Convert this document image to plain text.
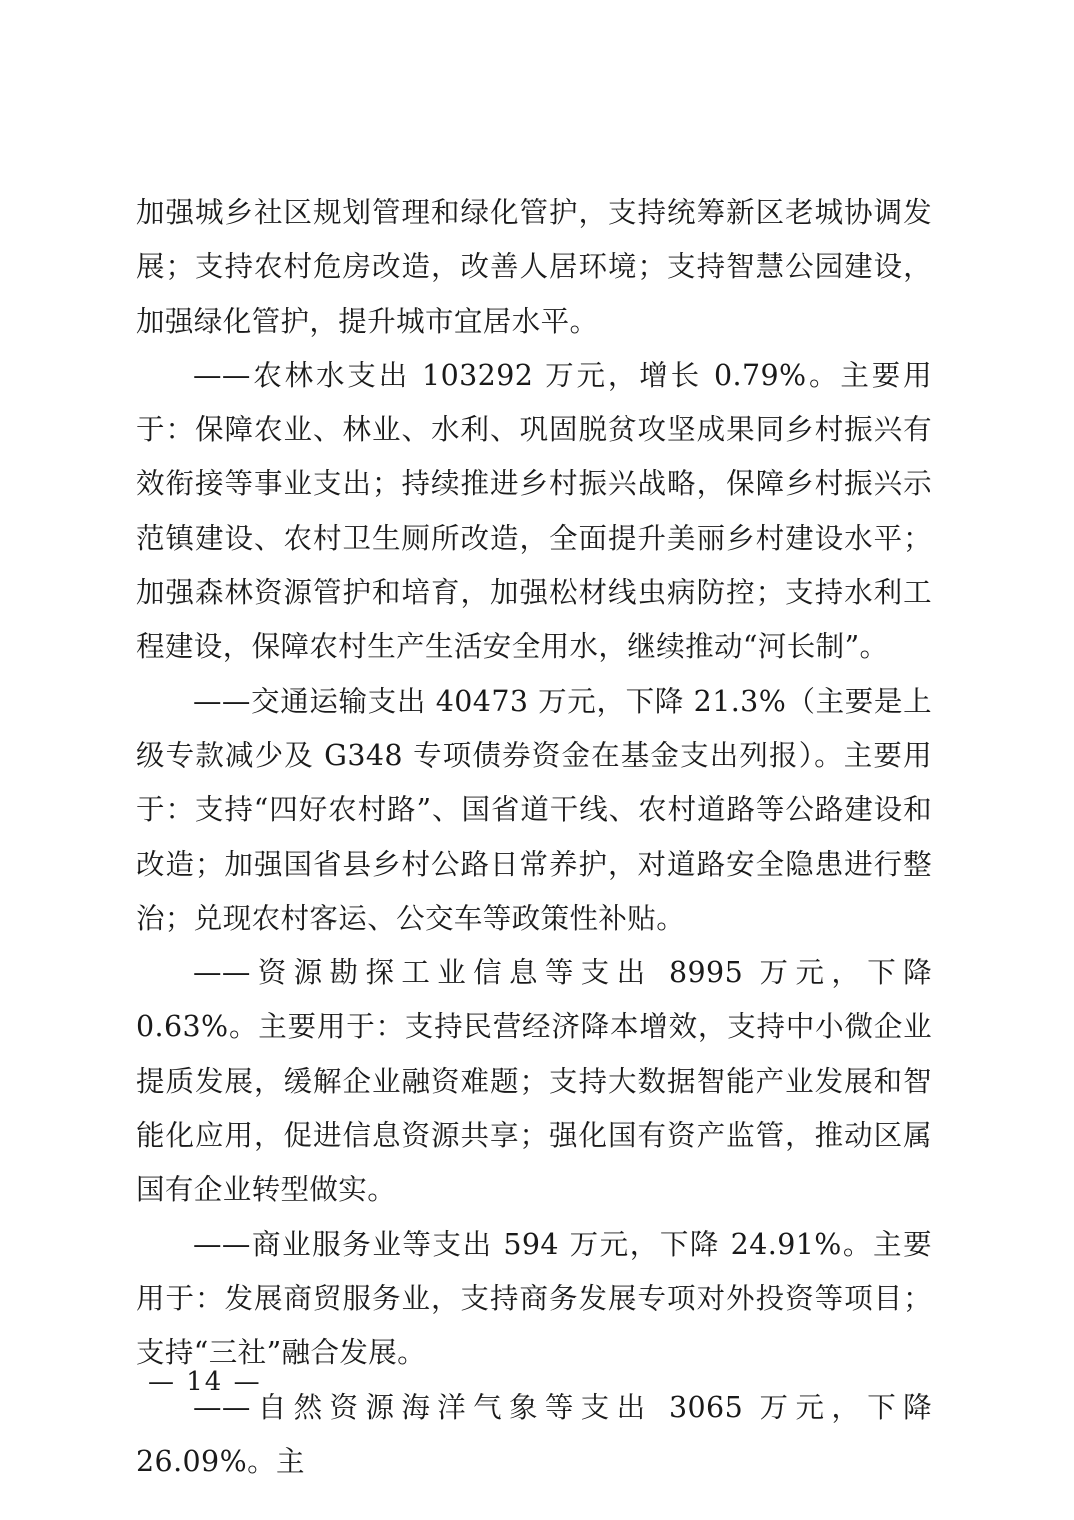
加强城乡社区规划管理和绿化管护，支持统筹新区老城协调发展；支持农村危房改造，改善人居环境；支持智慧公园建设，加强绿化管护，提升城市宜居水平。

——农林水支出 103292 万元，增长 0.79%。主要用于：保障农业、林业、水利、巩固脱贫攻坚成果同乡村振兴有效衔接等事业支出；持续推进乡村振兴战略，保障乡村振兴示范镇建设、农村卫生厕所改造，全面提升美丽乡村建设水平；加强森林资源管护和培育，加强松材线虫病防控；支持水利工程建设，保障农村生产生活安全用水，继续推动“河长制”。

——交通运输支出 40473 万元，下降 21.3%（主要是上级专款减少及 G348 专项债券资金在基金支出列报）。主要用于：支持“四好农村路”、国省道干线、农村道路等公路建设和改造；加强国省县乡村公路日常养护，对道路安全隐患进行整治；兑现农村客运、公交车等政策性补贴。

——资源勘探工业信息等支出 8995 万元，下降 0.63%。主要用于：支持民营经济降本增效，支持中小微企业提质发展，缓解企业融资难题；支持大数据智能产业发展和智能化应用，促进信息资源共享；强化国有资产监管，推动区属国有企业转型做实。

——商业服务业等支出 594 万元，下降 24.91%。主要用于：发展商贸服务业，支持商务发展专项对外投资等项目；支持“三社”融合发展。

——自然资源海洋气象等支出 3065 万元，下降 26.09%。主

— 14 —
